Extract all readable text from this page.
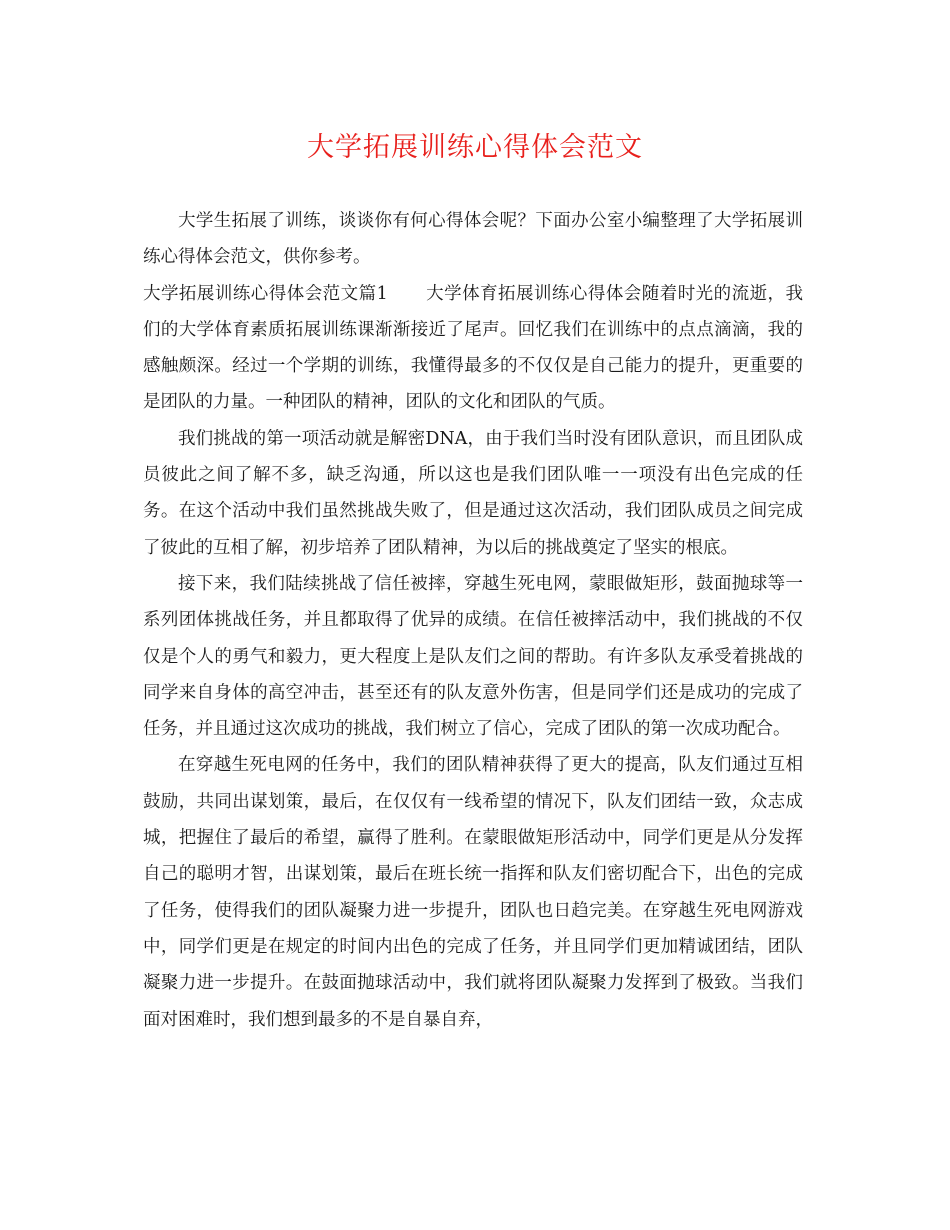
大学拓展训练心得体会范文

大学生拓展了训练，谈谈你有何心得体会呢？下面办公室小编整理了大学拓展训练心得体会范文，供你参考。

大学拓展训练心得体会范文篇1 大学体育拓展训练心得体会随着时光的流逝，我们的大学体育素质拓展训练课渐渐接近了尾声。回忆我们在训练中的点点滴滴，我的感触颇深。经过一个学期的训练，我懂得最多的不仅仅是自己能力的提升，更重要的是团队的力量。一种团队的精神，团队的文化和团队的气质。

我们挑战的第一项活动就是解密DNA，由于我们当时没有团队意识，而且团队成员彼此之间了解不多，缺乏沟通，所以这也是我们团队唯一一项没有出色完成的任务。在这个活动中我们虽然挑战失败了，但是通过这次活动，我们团队成员之间完成了彼此的互相了解，初步培养了团队精神，为以后的挑战奠定了坚实的根底。

接下来，我们陆续挑战了信任被摔，穿越生死电网，蒙眼做矩形，鼓面抛球等一系列团体挑战任务，并且都取得了优异的成绩。在信任被摔活动中，我们挑战的不仅仅是个人的勇气和毅力，更大程度上是队友们之间的帮助。有许多队友承受着挑战的同学来自身体的高空冲击，甚至还有的队友意外伤害，但是同学们还是成功的完成了任务，并且通过这次成功的挑战，我们树立了信心，完成了团队的第一次成功配合。

在穿越生死电网的任务中，我们的团队精神获得了更大的提高，队友们通过互相鼓励，共同出谋划策，最后，在仅仅有一线希望的情况下，队友们团结一致，众志成城，把握住了最后的希望，赢得了胜利。在蒙眼做矩形活动中，同学们更是从分发挥自己的聪明才智，出谋划策，最后在班长统一指挥和队友们密切配合下，出色的完成了任务，使得我们的团队凝聚力进一步提升，团队也日趋完美。在穿越生死电网游戏中，同学们更是在规定的时间内出色的完成了任务，并且同学们更加精诚团结，团队凝聚力进一步提升。在鼓面抛球活动中，我们就将团队凝聚力发挥到了极致。当我们面对困难时，我们想到最多的不是自暴自弃，
